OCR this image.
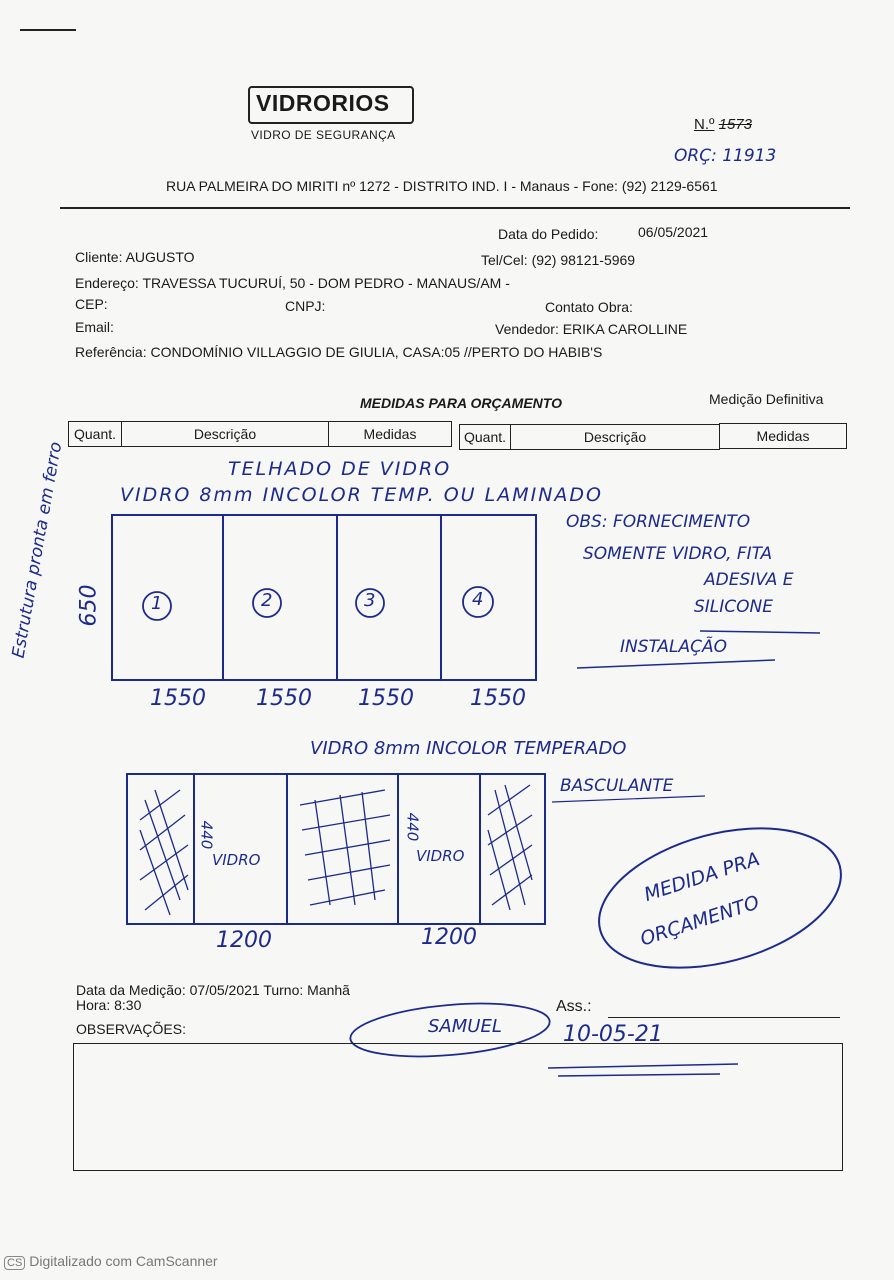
VIDRORIOS
VIDRO DE SEGURANÇA
N.º 1573
ORÇ: 11913
RUA PALMEIRA DO MIRITI nº 1272 - DISTRITO IND. I - Manaus - Fone: (92) 2129-6561
Data do Pedido:	06/05/2021
Cliente: AUGUSTO	Tel/Cel: (92) 98121-5969
Endereço: TRAVESSA TUCURUÍ, 50 - DOM PEDRO - MANAUS/AM -
CEP:	CNPJ:	Contato Obra:
Email:	Vendedor: ERIKA CAROLLINE
Referência: CONDOMÍNIO VILLAGGIO DE GIULIA, CASA:05 //PERTO DO HABIB'S
MEDIDAS PARA ORÇAMENTO	Medição Definitiva
Quant.	Descrição	Medidas	Quant.	Descrição	Medidas
Estrutura pronta em ferro	TELHADO DE VIDRO
VIDRO 8mm INCOLOR TEMP. OU LAMINADO
1	2	3	4
650
1550 1550 1550	1550
OBS: FORNECIMENTO
SOMENTE VIDRO, FITA
ADESIVA E
SILICONE
INSTALAÇÃO
VIDRO 8mm INCOLOR TEMPERADO
BASCULANTE
VIDRO	VIDRO
440	440
1200	1200
MEDIDA PRA
ORÇAMENTO
Data da Medição: 07/05/2021 Turno: Manhã
Hora: 8:30	Ass.:
OBSERVAÇÕES:	SAMUEL	10-05-21
CS Digitalizado com CamScanner
